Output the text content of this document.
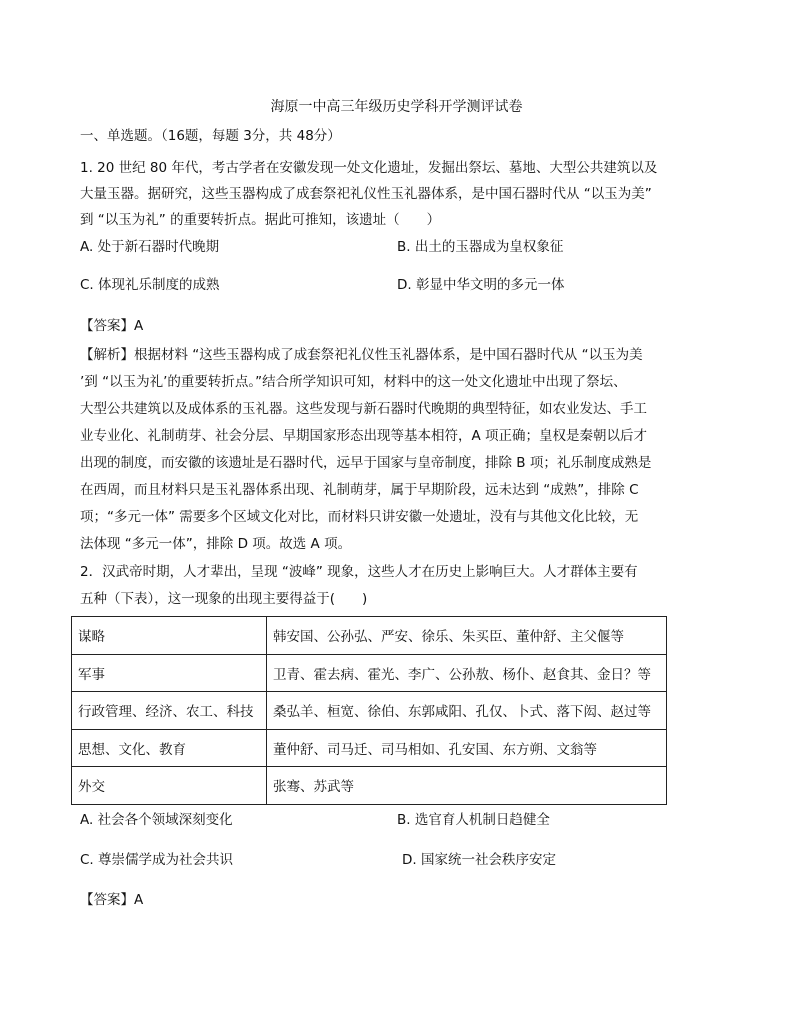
海原一中高三年级历史学科开学测评试卷
一、单选题。（16题，每题 3分，共 48分）
1. 20 世纪 80 年代，考古学者在安徽发现一处文化遗址，发掘出祭坛、墓地、大型公共建筑以及
大量玉器。据研究，这些玉器构成了成套祭祀礼仪性玉礼器体系，是中国石器时代从 “以玉为美”
到 “以玉为礼” 的重要转折点。据此可推知，该遗址（　　）
A. 处于新石器时代晚期	B. 出土的玉器成为皇权象征
C. 体现礼乐制度的成熟	D. 彰显中华文明的多元一体
【答案】A
【解析】根据材料 “这些玉器构成了成套祭祀礼仪性玉礼器体系，是中国石器时代从 “以玉为美
’到 “以玉为礼’的重要转折点。”结合所学知识可知，材料中的这一处文化遗址中出现了祭坛、
大型公共建筑以及成体系的玉礼器。这些发现与新石器时代晚期的典型特征，如农业发达、手工
业专业化、礼制萌芽、社会分层、早期国家形态出现等基本相符，A 项正确；皇权是秦朝以后才
出现的制度，而安徽的该遗址是石器时代，远早于国家与皇帝制度，排除 B 项；礼乐制度成熟是
在西周，而且材料只是玉礼器体系出现、礼制萌芽，属于早期阶段，远未达到 “成熟”，排除 C
项；“多元一体” 需要多个区域文化对比，而材料只讲安徽一处遗址，没有与其他文化比较，无
法体现 “多元一体”，排除 D 项。故选 A 项。
2．汉武帝时期，人才辈出，呈现 “波峰” 现象，这些人才在历史上影响巨大。人才群体主要有
五种（下表），这一现象的出现主要得益于(　　)
谋略	韩安国、公孙弘、严安、徐乐、朱买臣、董仲舒、主父偃等
军事	卫青、霍去病、霍光、李广、公孙敖、杨仆、赵食其、金日？等
行政管理、经济、农工、科技	桑弘羊、桓宽、徐伯、东郭咸阳、孔仅、卜式、落下闳、赵过等
思想、文化、教育	董仲舒、司马迁、司马相如、孔安国、东方朔、文翁等
外交	张骞、苏武等
A. 社会各个领域深刻变化	B. 选官育人机制日趋健全
C. 尊崇儒学成为社会共识	D. 国家统一社会秩序安定
【答案】A
